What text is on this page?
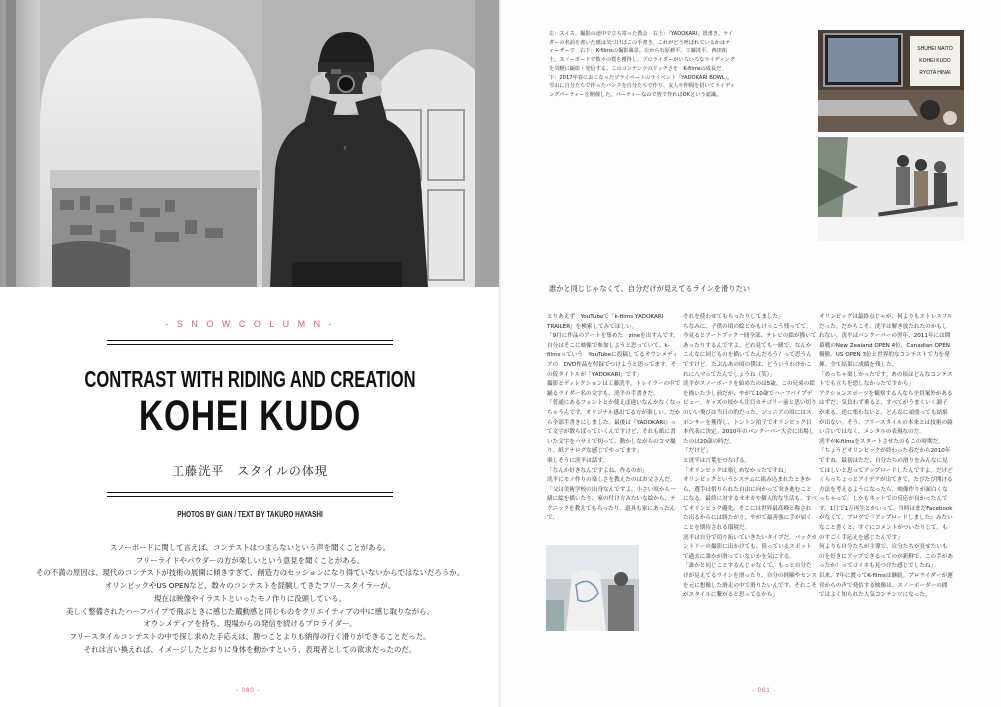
Y
- S N O W C O L U M N -
CONTRAST WITH RIDING AND CREATION
KOHEI KUDO
工藤洸平　スタイルの体現
PHOTOS BY GIAN / TEXT BY TAKURO HAYASHI
スノーボードに関して言えば、コンテストはつまらないという声を聞くことがある。
フリーライドやパウダーの方が楽しいという意見を聞くことがある。
その不満の原因は、現代のコンテストが技術の展開に傾きすぎて、創造力のセッションになり得ていないからではないだろうか。
オリンピックやUS OPENなど、数々のコンテストを経験してきたフリースタイラーが、
現在は映像やイラストといったモノ作りに没頭している。
美しく整備されたハーフパイプで飛ぶときに感じた躍動感と同じものをクリエイティブの中に感じ取りながら、
オウンメディアを持ち、現場からの発信を続けるプロライダー。
フリースタイルコンテストの中で探し求めた手応えは、勝つことよりも納得の行く滑りができることだった。
それは言い換えれば、イメージしたとおりに身体を動かすという、表現者としての欲求だったのだ。
- 060 -
左：スイス。撮影の途中で立ち寄った教会　右上：「YADOKARI」置書き。ライダーの名前を書いた紙は気づけばこの手書き。これがどう呼ばれているかはティーザーで　右下：K-filmsの撮影風景。左から石原耕平、工藤洸平、西田拓士。スノーボードで数々の賞を獲得し、プロライダーがいろいろなライディングを気軽に撮影・発信する。このコンテンツのリッチさを　K-filmsの成長だ　下：2017年春におこなったプライベートのライベント「YADOKARI BOWL」。雪山に自分たちで作ったバンクを自分たちで作り、友人や仲間を招いてライディングパーティーを開催した。パーティーなので皆で作ればOKという認識。
SHUHEI NAITO
KOHEI KUDO
RYOTA HINAI
誰かと同じじゃなくて、自分だけが見えてるラインを滑りたい

とりあえず　YouTubeで「k-films YADOKARI TRAILER」を検索してみてほしい。

「9月に作品のアートを集めた　zineを出すんです。自分はそこに映像で参加しようと思っていて。k-filmsっていう　YouTubeに投稿してるオウンメディアの　DVD作品を付録でつけようと思ってます。その仮タイトルが「YADOKARI」です」

撮影とディレクションは工藤洸平。トレイラーの中で踊るライダー名の文字も、洸平の手書きだ。

「普通にあるフォントとか使えば違いなんかなくなっちゃうんです。オリジナル感出てる方が楽しい。だから全部手書きにしました。最後は『YADOKARI』って文字が散らばっていくんですけど、それも紙に書いた文字をハサミで切って、動かしながらのコマ撮り。紙アナログな感じでやってます」

楽しそうに洸平は話す。

「なんか好きなんですよね、作るのが」

洸平にモノ作りの楽しさを教えたのはお父さんだ。

「父は美術学校の出身なんですよ。小さい頃から一緒に絵を描いたり、家の付け方みたいな絵から、テクニックを教えてもらったり。道具も家にあったんで、

それを使わせてもらったりしてました」

ちなみに、子供の頃の絵とかもけっこう残ってて。今見るとアートブック一冊全部、テレビの絵が描いてあったりするんですよ。どれ見ても一緒で、なんかこんなに同じものを描いてたんだろう？って思うんですけど。たぶんあの頃の僕は、どういうわけかこれに八マってたんでしょうね（笑）」

洸平がスノーボードを始めたのは5歳。この兄弟の絵を描いた少し前だが、やがて10歳でハーフパイプデビュー。キッズの頃から注目カテゴリー前と思い切りのいい飛びは当日の的だった。ジュニアの頃にはスポンサーを獲得し、トントン拍子でオリンピック日本代表に決定。2010年のバンクーバー大会に出場したのは20歳の時だ。

「だけど」

と洸平は言葉をつなげる。

「オリンピックは楽しめなかったですね」

オリンピックというシステムに組み込まれたときから、選手は借りられた自由に向かって突き進むことになる。最終に対するオオカや個人的な生活も、すべてオリンピック優先。そこには世界最高峰と称された出るからには勝たがり、やがて最善強に手が届くことを期待される環境だ。

洸平は自分で切り拓いていきたいタイプだ。バックカントリーの撮影に出かけても、狙っているスポットで過去に誰かが滑っていないかを気にする。

「誰かと同じことするんじゃなくて、もっと自分だけが見えてるラインを滑ったり、自分の経験やセンスを元に想像した滑走の中で滑りたいんです。それこそがスタイルに繋がると思ってるから」

オリンピックは最終点じゃが、何よりもストレスフルだった。だからこそ、洸平は解き放たれたのかもしれない。洸平はバンクーバーの翌年、2011年には開幕戦のNew Zealand OPEN 4位、Canadian OPEN優勝、US OPEN 3位と世界的なコンテストで力を発揮。全て結果に成績を残した。

「めっちゃ楽しかったです。あの頃はどんなコンテストでも立ちを恐しなかったですから」

アクションスポーツを観察する人なら全員案外があるはずだ。気負わず乗ると、すべてがうまくいく調子が来る。逆に集わないと、どんなに頑張っても結果が出ない。そう、フリースタイルの本来とは技術の競い合いではなく、メンタルの表現なのだ。

洸平がK-filmsをスタートさせたのもこの時期だ。

「ちょうどオリンピックが終わった春だから2010年ですね。最初はただ、自分たちの滑りをみんなに見てほしいと思ってアップロードしたんですよ。だけどくらっちょっとアイデアが出てきて、たびたび開ける方法を考えるようになったら、映像作りが面白くなっちゃって。しかもネットでの反応が良かったんです。1日で1万再生とかいって。当時はまだFacebookがなくて、ブログで『アップロードしました』みたいなこと書くと、すぐにコメントがついたりして。ものすごく手応えを感じたんです」

何よりも自分たちが主導で、自分たちが見せたいものを好きにアップできるってのが新鮮で、この手があったか！ってゴイネも見つけた感じでしたね」

以来、7年に渡ってK-filmsは継続。プロライダーが運営からの声で発信する映像は、スノーボーダーの間ではよく知られた人気コンテンツになった。

- 061 -
